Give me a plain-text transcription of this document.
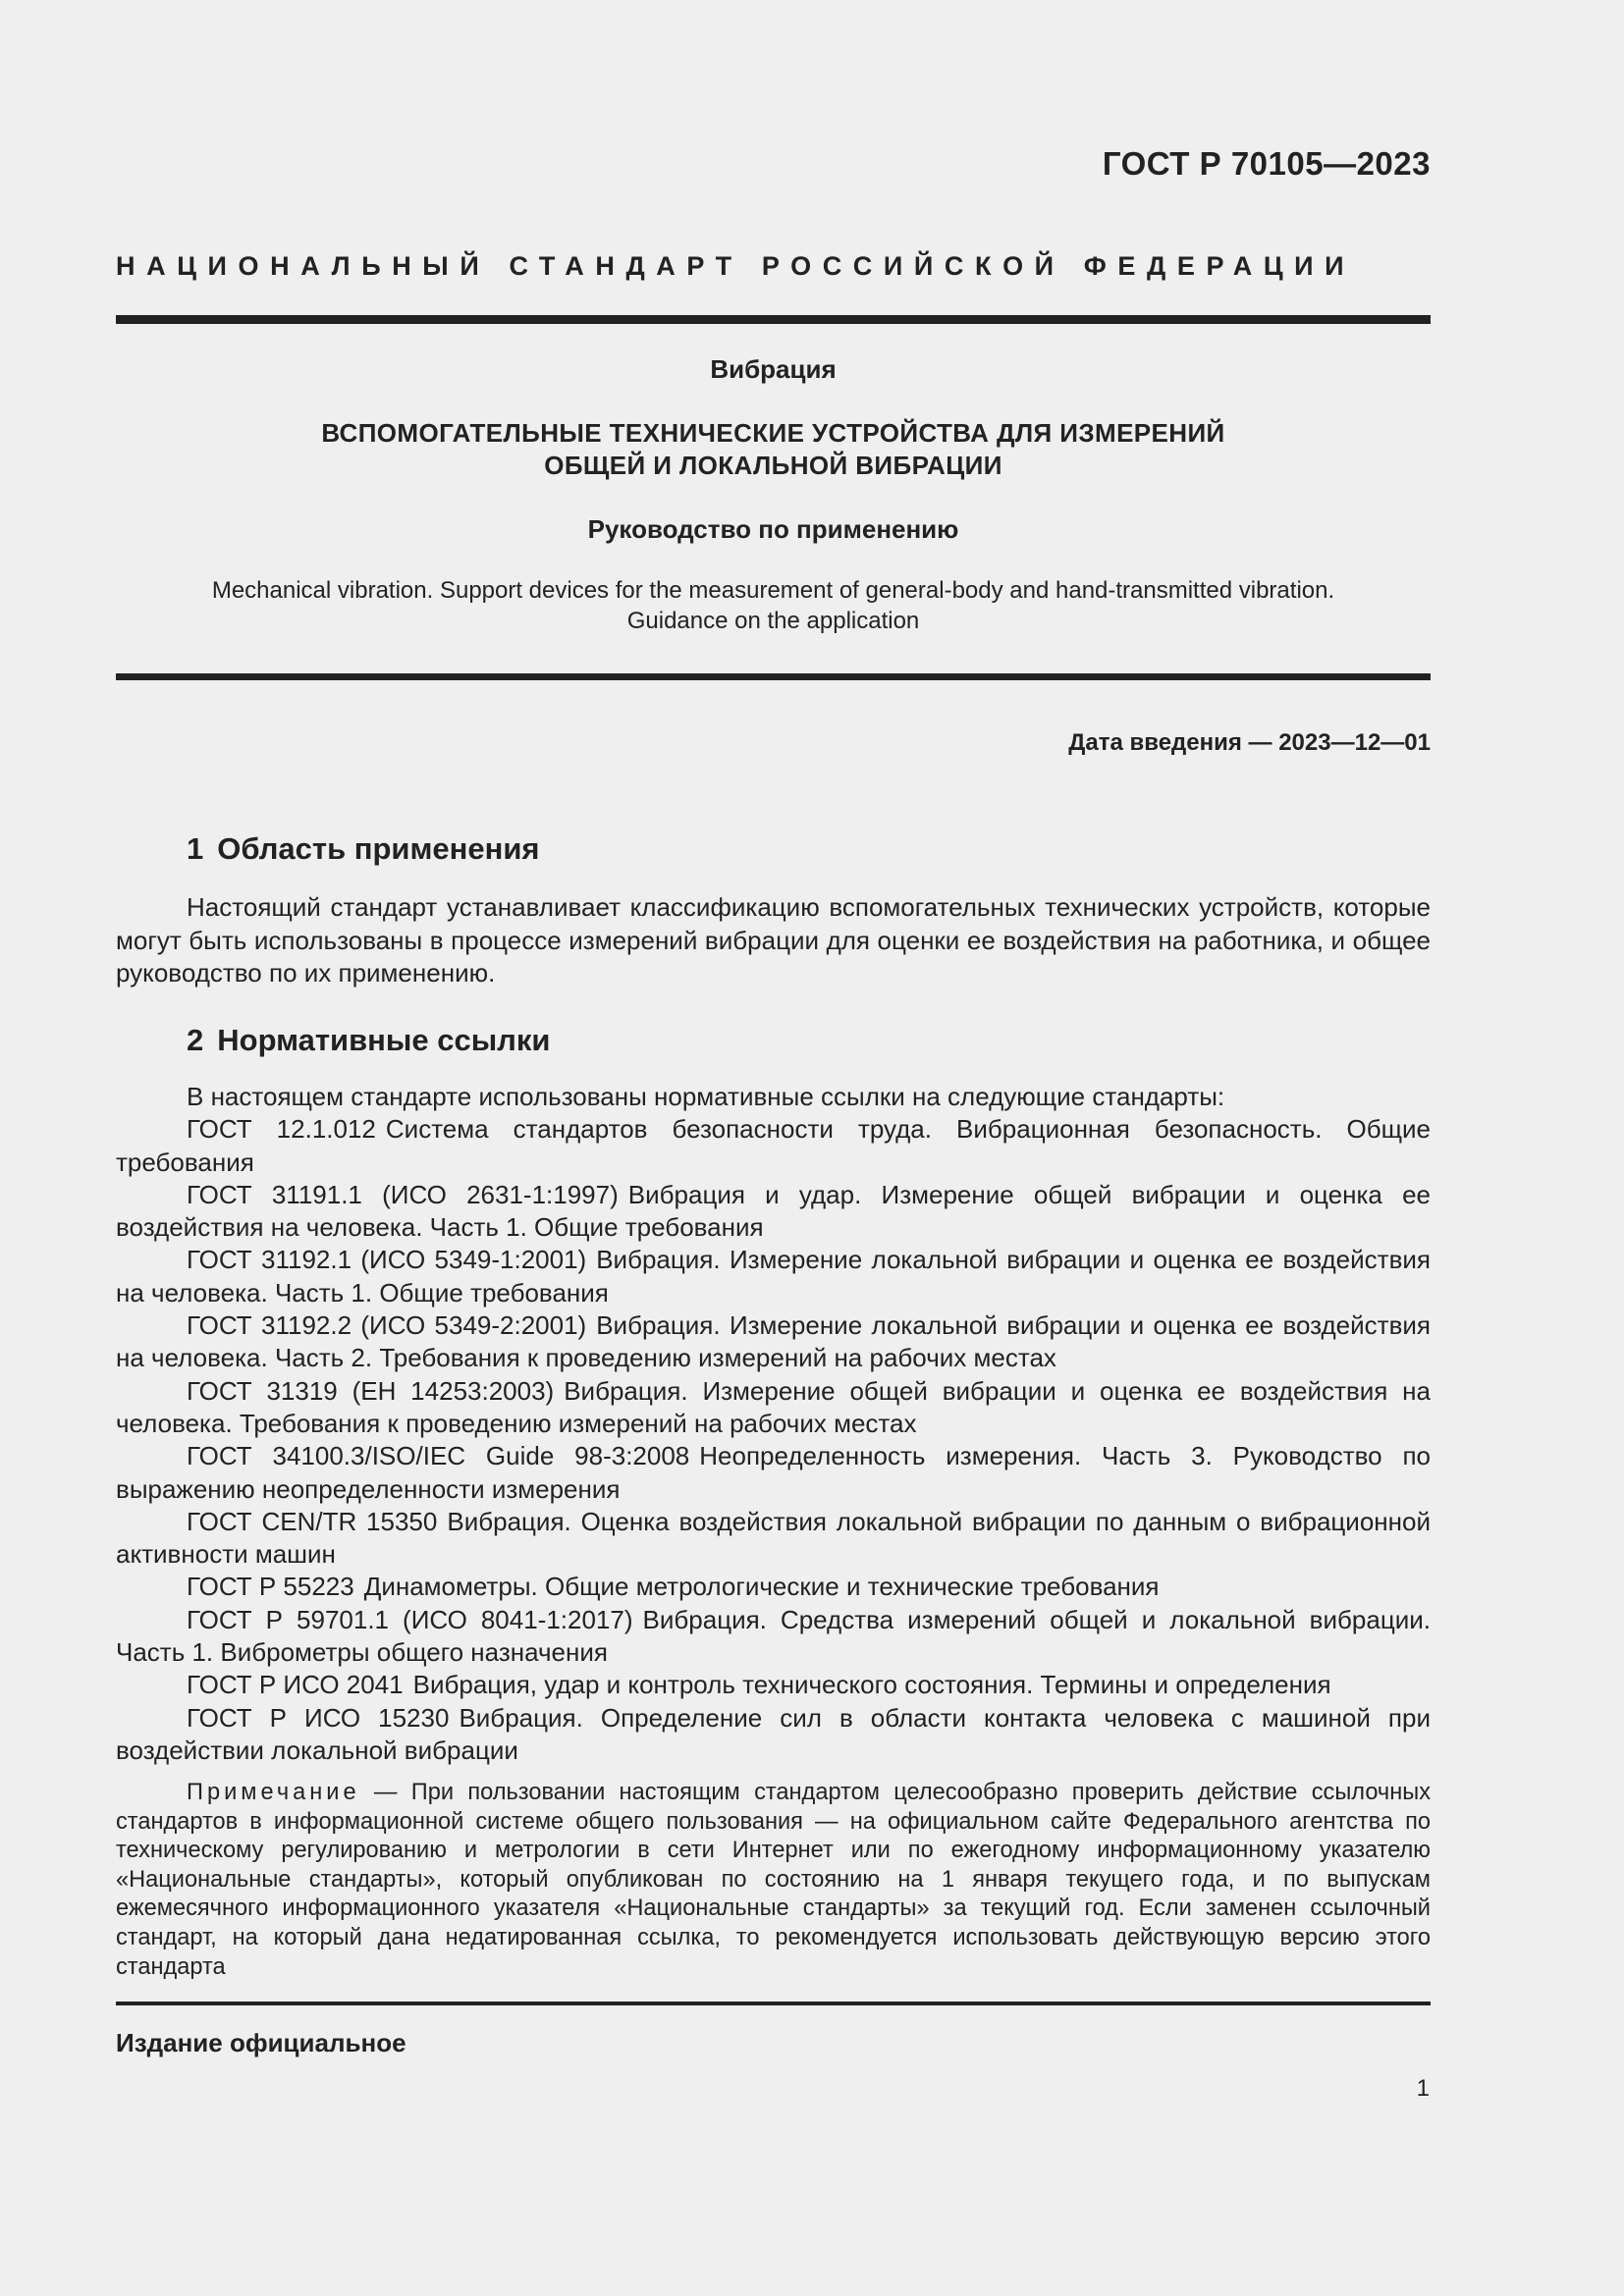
ГОСТ Р 70105—2023
НАЦИОНАЛЬНЫЙ СТАНДАРТ РОССИЙСКОЙ ФЕДЕРАЦИИ
Вибрация
ВСПОМОГАТЕЛЬНЫЕ ТЕХНИЧЕСКИЕ УСТРОЙСТВА ДЛЯ ИЗМЕРЕНИЙ
ОБЩЕЙ И ЛОКАЛЬНОЙ ВИБРАЦИИ
Руководство по применению
Mechanical vibration. Support devices for the measurement of general-body and hand-transmitted vibration.
Guidance on the application
Дата введения — 2023—12—01
1 Область применения
Настоящий стандарт устанавливает классификацию вспомогательных технических устройств, которые могут быть использованы в процессе измерений вибрации для оценки ее воздействия на работника, и общее руководство по их применению.
2 Нормативные ссылки
В настоящем стандарте использованы нормативные ссылки на следующие стандарты:
ГОСТ 12.1.012 Система стандартов безопасности труда. Вибрационная безопасность. Общие требования
ГОСТ 31191.1 (ИСО 2631-1:1997) Вибрация и удар. Измерение общей вибрации и оценка ее воздействия на человека. Часть 1. Общие требования
ГОСТ 31192.1 (ИСО 5349-1:2001) Вибрация. Измерение локальной вибрации и оценка ее воздействия на человека. Часть 1. Общие требования
ГОСТ 31192.2 (ИСО 5349-2:2001) Вибрация. Измерение локальной вибрации и оценка ее воздействия на человека. Часть 2. Требования к проведению измерений на рабочих местах
ГОСТ 31319 (ЕН 14253:2003) Вибрация. Измерение общей вибрации и оценка ее воздействия на человека. Требования к проведению измерений на рабочих местах
ГОСТ 34100.3/ISO/IEC Guide 98-3:2008 Неопределенность измерения. Часть 3. Руководство по выражению неопределенности измерения
ГОСТ CEN/TR 15350 Вибрация. Оценка воздействия локальной вибрации по данным о вибрационной активности машин
ГОСТ Р 55223 Динамометры. Общие метрологические и технические требования
ГОСТ Р 59701.1 (ИСО 8041-1:2017) Вибрация. Средства измерений общей и локальной вибрации. Часть 1. Виброметры общего назначения
ГОСТ Р ИСО 2041 Вибрация, удар и контроль технического состояния. Термины и определения
ГОСТ Р ИСО 15230 Вибрация. Определение сил в области контакта человека с машиной при воздействии локальной вибрации
Примечание — При пользовании настоящим стандартом целесообразно проверить действие ссылочных стандартов в информационной системе общего пользования — на официальном сайте Федерального агентства по техническому регулированию и метрологии в сети Интернет или по ежегодному информационному указателю «Национальные стандарты», который опубликован по состоянию на 1 января текущего года, и по выпускам ежемесячного информационного указателя «Национальные стандарты» за текущий год. Если заменен ссылочный стандарт, на который дана недатированная ссылка, то рекомендуется использовать действующую версию этого стандарта
Издание официальное
1
